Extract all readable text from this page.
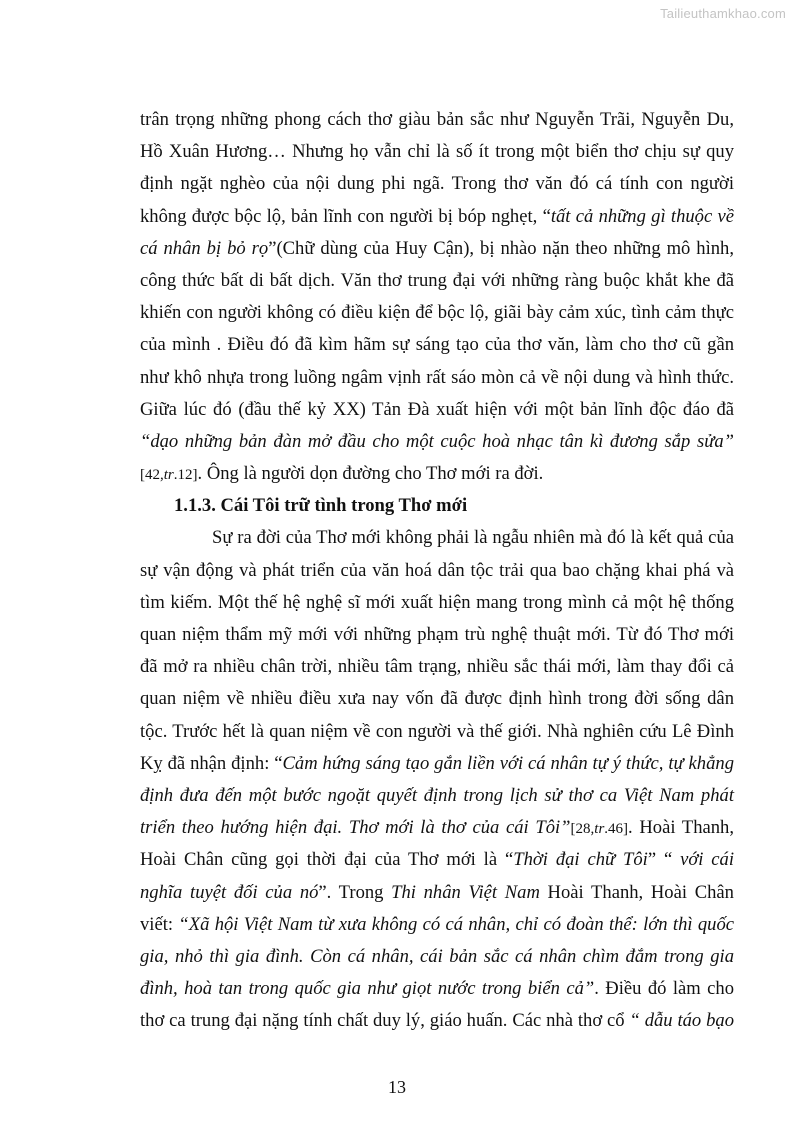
Tailieuthamkhao.com
trân trọng những phong cách thơ giàu bản sắc như Nguyễn Trãi, Nguyễn Du,
Hồ Xuân Hương… Nhưng họ vẫn chỉ là số ít trong một biển thơ chịu sự quy
định ngặt nghèo của nội dung phi ngã. Trong thơ văn đó cá tính con người
không được bộc lộ, bản lĩnh con người bị bóp nghẹt, “tất cả những gì thuộc về
cá nhân bị bỏ rọ”(Chữ dùng của Huy Cận), bị nhào nặn theo những mô hình,
công thức bất di bất dịch. Văn thơ trung đại với những ràng buộc khắt khe đã
khiến con người không có điều kiện để bộc lộ, giãi bày cảm xúc, tình cảm thực
của mình . Điều đó đã kìm hãm sự sáng tạo của thơ văn, làm cho thơ cũ gần
như khô nhựa trong luồng ngâm vịnh rất sáo mòn cả về nội dung và hình thức.
Giữa lúc đó (đầu thế kỷ XX) Tản Đà xuất hiện với một bản lĩnh độc đáo đã
“dạo những bản đàn mở đầu cho một cuộc hoà nhạc tân kì đương sắp sửa”
[42,tr.12]. Ông là người dọn đường cho Thơ mới ra đời.
1.1.3. Cái Tôi trữ tình trong Thơ mới
Sự ra đời của Thơ mới không phải là ngẫu nhiên mà đó là kết quả của
sự vận động và phát triển của văn hoá dân tộc trải qua bao chặng khai phá và
tìm kiếm. Một thế hệ nghệ sĩ mới xuất hiện mang trong mình cả một hệ thống
quan niệm thẩm mỹ mới với những phạm trù nghệ thuật mới. Từ đó Thơ mới
đã mở ra nhiều chân trời, nhiều tâm trạng, nhiều sắc thái mới, làm thay đổi cả
quan niệm về nhiều điều xưa nay vốn đã được định hình trong đời sống dân
tộc. Trước hết là quan niệm về con người và thế giới. Nhà nghiên cứu Lê Đình
Kỵ đã nhận định: “Cảm hứng sáng tạo gắn liền với cá nhân tự ý thức, tự khẳng
định đưa đến một bước ngoặt quyết định trong lịch sử thơ ca Việt Nam phát
triển theo hướng hiện đại. Thơ mới là thơ của cái Tôi”[28,tr.46]. Hoài Thanh,
Hoài Chân cũng gọi thời đại của Thơ mới là “Thời đại chữ Tôi” “ với cái
nghĩa tuyệt đối của nó”. Trong Thi nhân Việt Nam Hoài Thanh, Hoài Chân
viết: “Xã hội Việt Nam từ xưa không có cá nhân, chỉ có đoàn thể: lớn thì quốc
gia, nhỏ thì gia đình. Còn cá nhân, cái bản sắc cá nhân chìm đắm trong gia
đình, hoà tan trong quốc gia như giọt nước trong biển cả”. Điều đó làm cho
thơ ca trung đại nặng tính chất duy lý, giáo huấn. Các nhà thơ cổ “ dẫu táo bạo
13
